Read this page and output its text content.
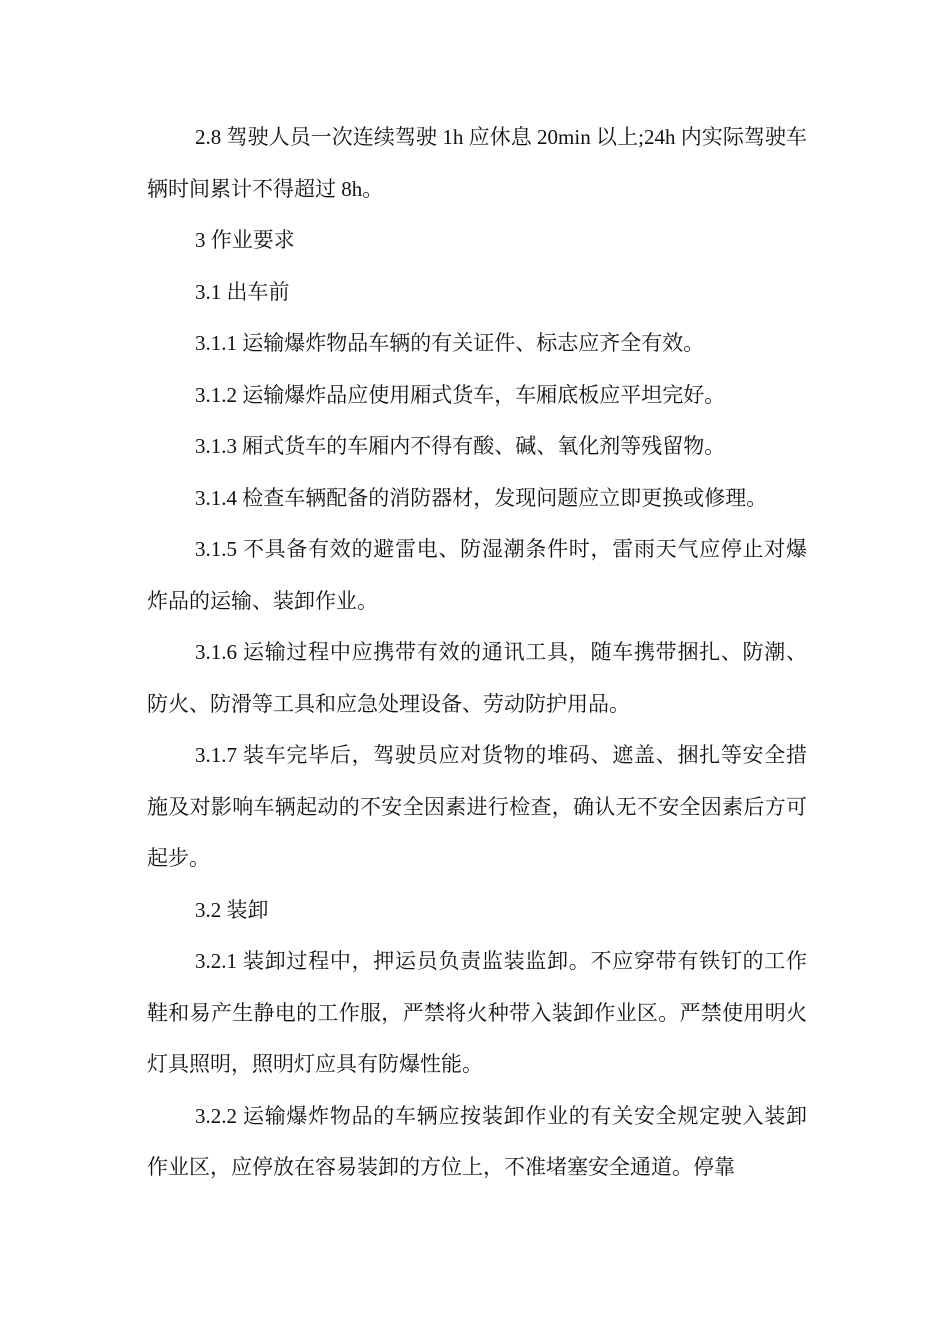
2.8 驾驶人员一次连续驾驶 1h 应休息 20min 以上;24h 内实际驾驶车辆时间累计不得超过 8h。

3 作业要求

3.1 出车前

3.1.1 运输爆炸物品车辆的有关证件、标志应齐全有效。

3.1.2 运输爆炸品应使用厢式货车，车厢底板应平坦完好。

3.1.3 厢式货车的车厢内不得有酸、碱、氧化剂等残留物。

3.1.4 检查车辆配备的消防器材，发现问题应立即更换或修理。

3.1.5 不具备有效的避雷电、防湿潮条件时，雷雨天气应停止对爆炸品的运输、装卸作业。

3.1.6 运输过程中应携带有效的通讯工具，随车携带捆扎、防潮、防火、防滑等工具和应急处理设备、劳动防护用品。

3.1.7 装车完毕后，驾驶员应对货物的堆码、遮盖、捆扎等安全措施及对影响车辆起动的不安全因素进行检查，确认无不安全因素后方可起步。

3.2 装卸

3.2.1 装卸过程中，押运员负责监装监卸。不应穿带有铁钉的工作鞋和易产生静电的工作服，严禁将火种带入装卸作业区。严禁使用明火灯具照明，照明灯应具有防爆性能。

3.2.2 运输爆炸物品的车辆应按装卸作业的有关安全规定驶入装卸作业区，应停放在容易装卸的方位上，不准堵塞安全通道。停靠
